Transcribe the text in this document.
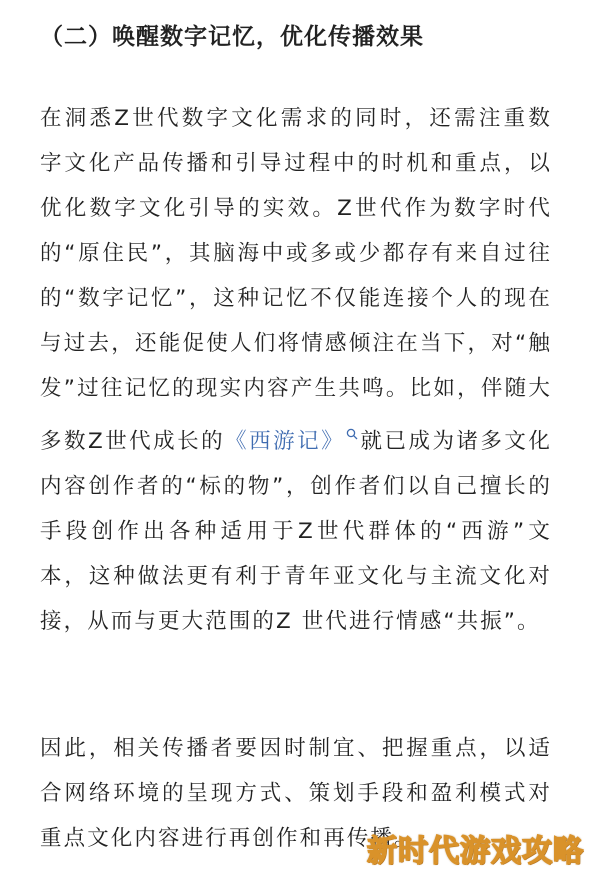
（二）唤醒数字记忆，优化传播效果

在洞悉Z世代数字文化需求的同时，还需注重数字文化产品传播和引导过程中的时机和重点，以优化数字文化引导的实效。Z世代作为数字时代的“原住民”，其脑海中或多或少都存有来自过往的“数字记忆”，这种记忆不仅能连接个人的现在与过去，还能促使人们将情感倾注在当下，对“触发”过往记忆的现实内容产生共鸣。比如，伴随大多数Z世代成长的《西游记》 就已成为诸多文化内容创作者的“标的物”，创作者们以自己擅长的手段创作出各种适用于Z世代群体的“西游”文本，这种做法更有利于青年亚文化与主流文化对接，从而与更大范围的Z 世代进行情感“共振”。

因此，相关传播者要因时制宜、把握重点，以适合网络环境的呈现方式、策划手段和盈利模式对重点文化内容进行再创作和再传播。

新时代游戏攻略
